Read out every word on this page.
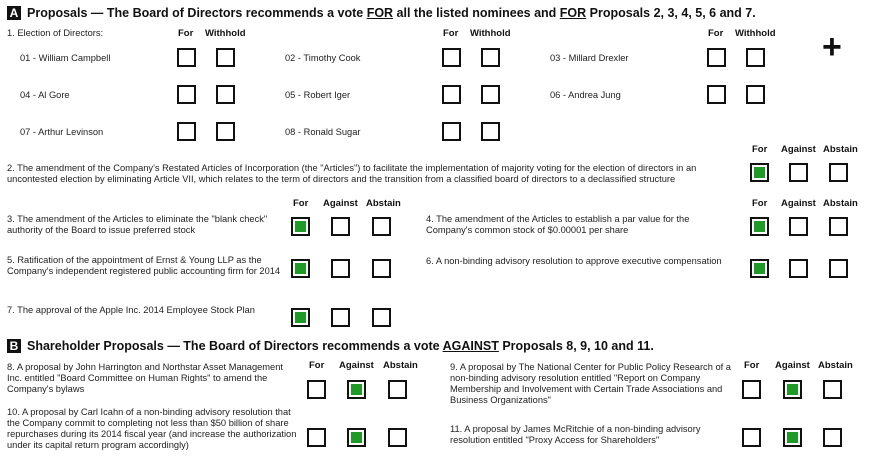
A Proposals — The Board of Directors recommends a vote FOR all the listed nominees and FOR Proposals 2, 3, 4, 5, 6 and 7.
+
1. Election of Directors:	For Withhold	For Withhold	For Withhold
01 - William Campbell	02 - Timothy Cook	03 - Millard Drexler
04 - Al Gore	05 - Robert Iger	06 - Andrea Jung
07 - Arthur Levinson	08 - Ronald Sugar
For Against Abstain
2. The amendment of the Company's Restated Articles of Incorporation (the "Articles") to facilitate the implementation of majority voting for the election of directors in an uncontested election by eliminating Article VII, which relates to the term of directors and the transition from a classified board of directors to a declassified structure
For Against Abstain	For Against Abstain
3. The amendment of the Articles to eliminate the "blank check" authority of the Board to issue preferred stock
4. The amendment of the Articles to establish a par value for the Company's common stock of $0.00001 per share
5. Ratification of the appointment of Ernst & Young LLP as the Company's independent registered public accounting firm for 2014
6. A non-binding advisory resolution to approve executive compensation
7. The approval of the Apple Inc. 2014 Employee Stock Plan
B Shareholder Proposals — The Board of Directors recommends a vote AGAINST Proposals 8, 9, 10 and 11.
For Against Abstain	For Against Abstain
8. A proposal by John Harrington and Northstar Asset Management Inc. entitled "Board Committee on Human Rights" to amend the Company's bylaws
9. A proposal by The National Center for Public Policy Research of a non-binding advisory resolution entitled "Report on Company Membership and Involvement with Certain Trade Associations and Business Organizations"
10. A proposal by Carl Icahn of a non-binding advisory resolution that the Company commit to completing not less than $50 billion of share repurchases during its 2014 fiscal year (and increase the authorization under its capital return program accordingly)
11. A proposal by James McRitchie of a non-binding advisory resolution entitled "Proxy Access for Shareholders"
